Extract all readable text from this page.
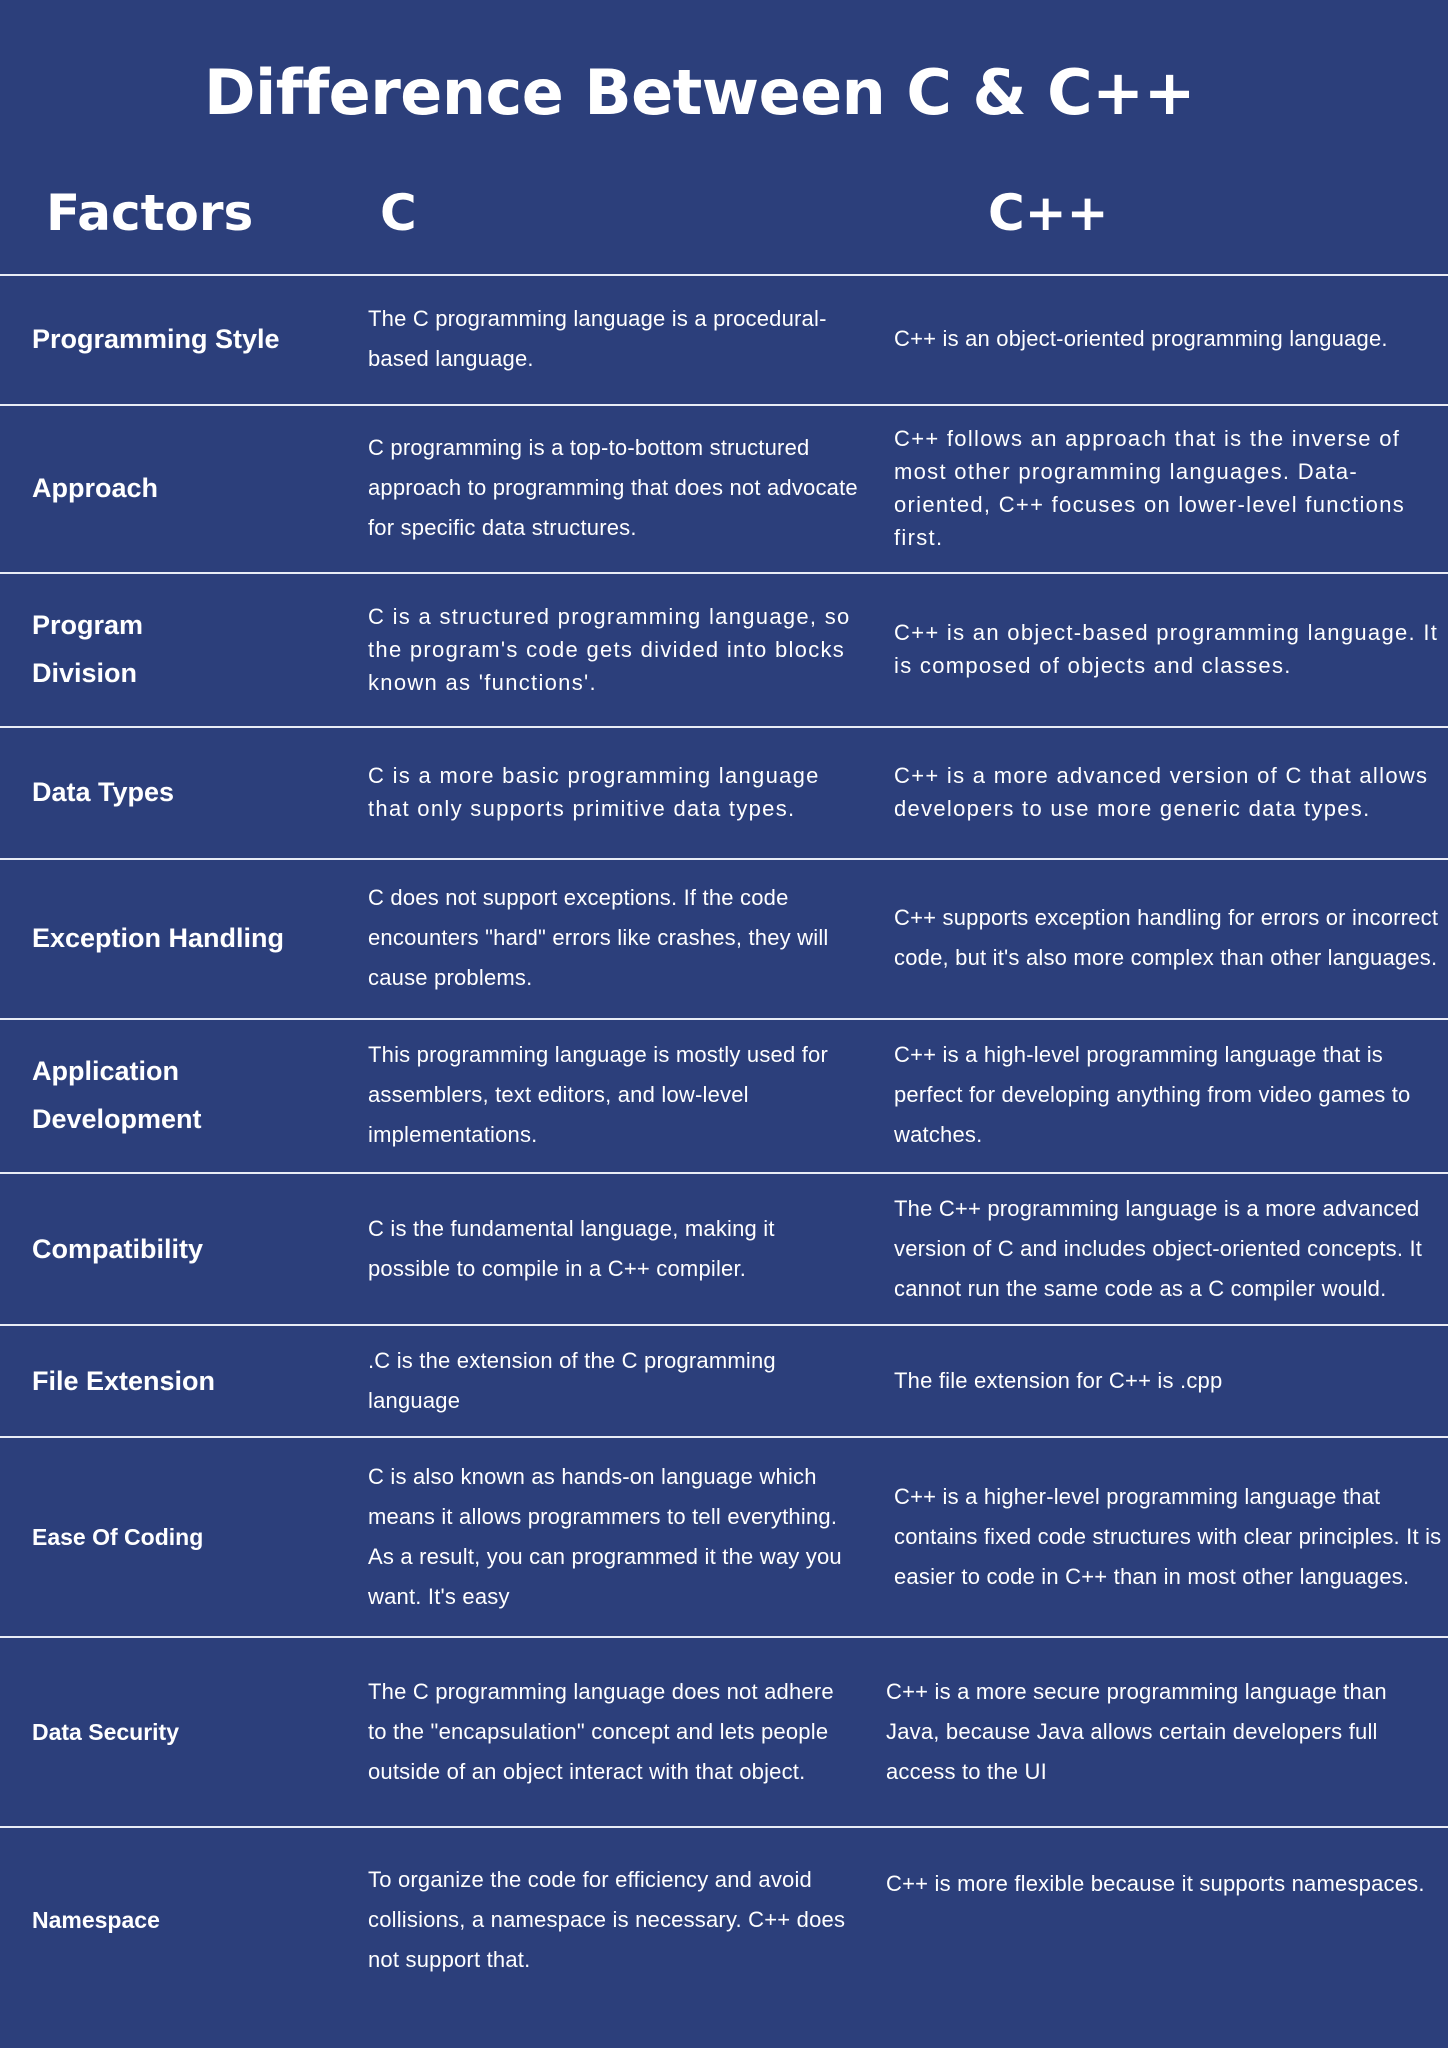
Difference Between C & C++
Factors	C	C++
Programming Style
The C programming language is a procedural-based language.
C++ is an object-oriented programming language.
Approach
C programming is a top-to-bottom structured approach to programming that does not advocate for specific data structures.
C++ follows an approach that is the inverse of most other programming languages. Data-oriented, C++ focuses on lower-level functions first.
Program Division
C is a structured programming language, so the program's code gets divided into blocks known as 'functions'.
C++ is an object-based programming language. It is composed of objects and classes.
Data Types
C is a more basic programming language that only supports primitive data types.
C++ is a more advanced version of C that allows developers to use more generic data types.
Exception Handling
C does not support exceptions. If the code encounters "hard" errors like crashes, they will cause problems.
C++ supports exception handling for errors or incorrect code, but it's also more complex than other languages.
Application Development
This programming language is mostly used for assemblers, text editors, and low-level implementations.
C++ is a high-level programming language that is perfect for developing anything from video games to watches.
Compatibility
C is the fundamental language, making it possible to compile in a C++ compiler.
The C++ programming language is a more advanced version of C and includes object-oriented concepts. It cannot run the same code as a C compiler would.
File Extension
.C is the extension of the C programming language
The file extension for C++ is .cpp
Ease Of Coding
C is also known as hands-on language which means it allows programmers to tell everything. As a result, you can programmed it the way you want. It's easy
C++ is a higher-level programming language that contains fixed code structures with clear principles. It is easier to code in C++ than in most other languages.
Data Security
The C programming language does not adhere to the "encapsulation" concept and lets people outside of an object interact with that object.
C++ is a more secure programming language than Java, because Java allows certain developers full access to the UI
Namespace
To organize the code for efficiency and avoid collisions, a namespace is necessary. C++ does not support that.
C++ is more flexible because it supports namespaces.
